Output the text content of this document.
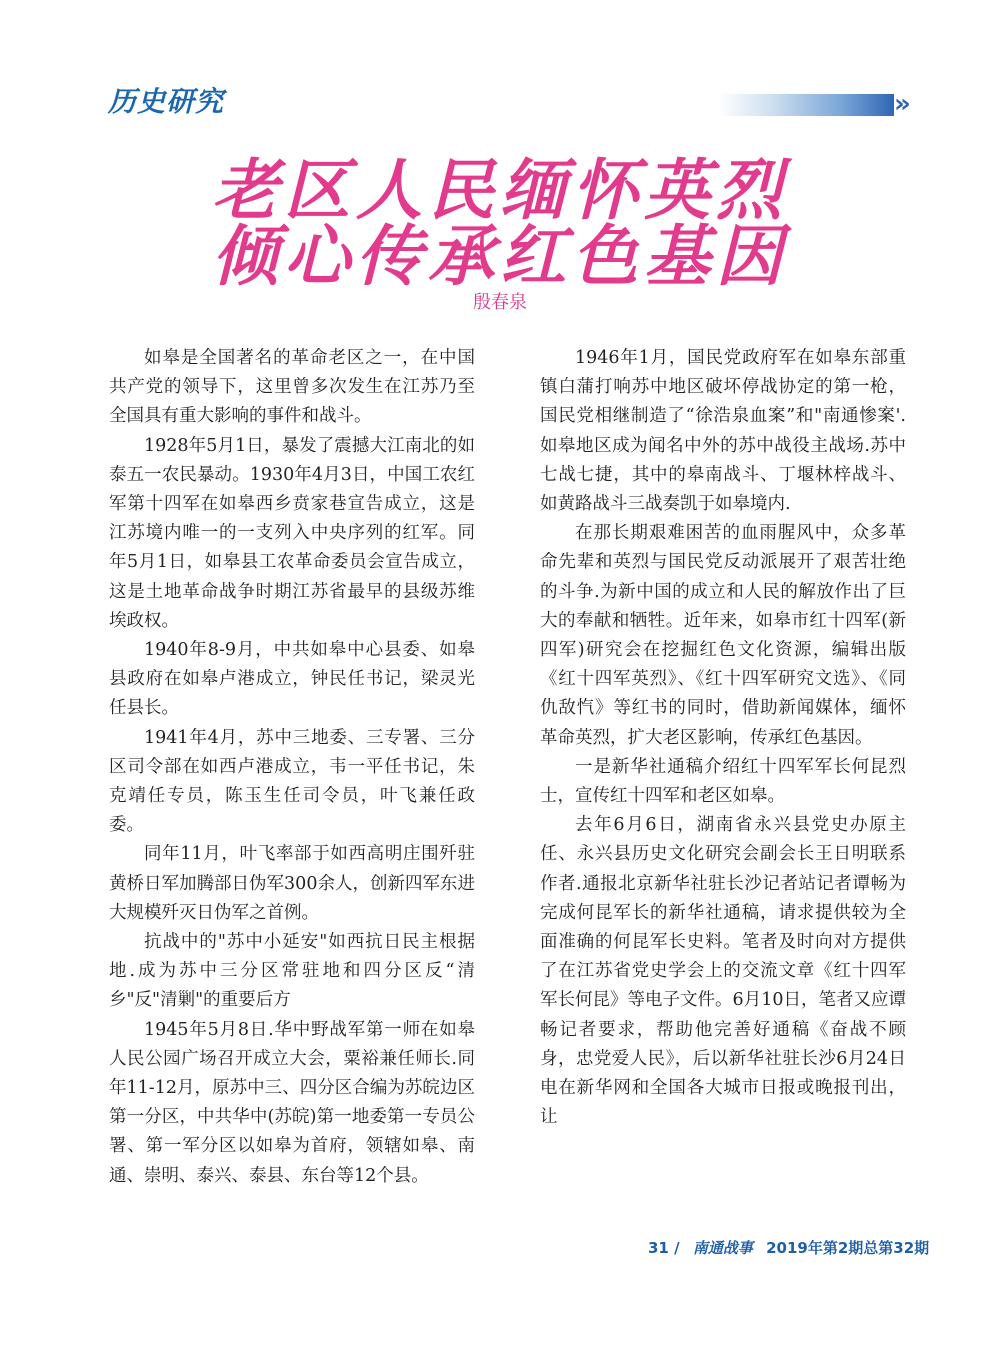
历史研究	»
老区人民缅怀英烈
倾心传承红色基因
殷春泉

如皋是全国著名的革命老区之一，在中国共产党的领导下，这里曾多次发生在江苏乃至全国具有重大影响的事件和战斗。

1928年5月1日，暴发了震撼大江南北的如泰五一农民暴动。1930年4月3日，中国工农红军第十四军在如皋西乡贲家巷宣告成立，这是江苏境内唯一的一支列入中央序列的红军。同年5月1日，如皋县工农革命委员会宣告成立，这是土地革命战争时期江苏省最早的县级苏维埃政权。

1940年8-9月，中共如皋中心县委、如皋县政府在如皋卢港成立，钟民任书记，梁灵光任县长。

1941年4月，苏中三地委、三专署、三分区司令部在如西卢港成立，韦一平任书记，朱克靖任专员，陈玉生任司令员，叶飞兼任政委。

同年11月，叶飞率部于如西高明庄围歼驻黄桥日军加腾部日伪军300余人，创新四军东进大规模歼灭日伪军之首例。

抗战中的"苏中小延安"如西抗日民主根据地.成为苏中三分区常驻地和四分区反“清乡"反"清剿"的重要后方

1945年5月8日.华中野战军第一师在如皋人民公园广场召开成立大会，粟裕兼任师长.同年11-12月，原苏中三、四分区合编为苏皖边区第一分区，中共华中(苏皖)第一地委第一专员公署、第一军分区以如皋为首府，领辖如皋、南通、崇明、泰兴、泰县、东台等12个县。

1946年1月，国民党政府军在如皋东部重镇白蒲打响苏中地区破坏停战协定的第一枪，国民党相继制造了“徐浩泉血案”和"南通惨案'.如皋地区成为闻名中外的苏中战役主战场.苏中七战七捷，其中的皋南战斗、丁堰林梓战斗、如黄路战斗三战奏凯于如皋境内.

在那长期艰难困苦的血雨腥风中，众多革命先辈和英烈与国民党反动派展开了艰苦壮绝的斗争.为新中国的成立和人民的解放作出了巨大的奉献和牺牲。近年来，如皋市红十四军(新四军)研究会在挖掘红色文化资源，编辑出版《红十四军英烈》、《红十四军研究文选》、《同仇敌忾》等红书的同时，借助新闻媒体，缅怀革命英烈，扩大老区影响，传承红色基因。

一是新华社通稿介绍红十四军军长何昆烈士，宣传红十四军和老区如皋。

去年6月6日，湖南省永兴县党史办原主任、永兴县历史文化研究会副会长王日明联系作者.通报北京新华社驻长沙记者站记者谭畅为完成何昆军长的新华社通稿，请求提供较为全面准确的何昆军长史料。笔者及时向对方提供了在江苏省党史学会上的交流文章《红十四军军长何昆》等电子文件。6月10日，笔者又应谭畅记者要求，帮助他完善好通稿《奋战不顾身，忠党爱人民》，后以新华社驻长沙6月24日电在新华网和全国各大城市日报或晚报刊出，让

31 / 南通战事 2019年第2期总第32期
